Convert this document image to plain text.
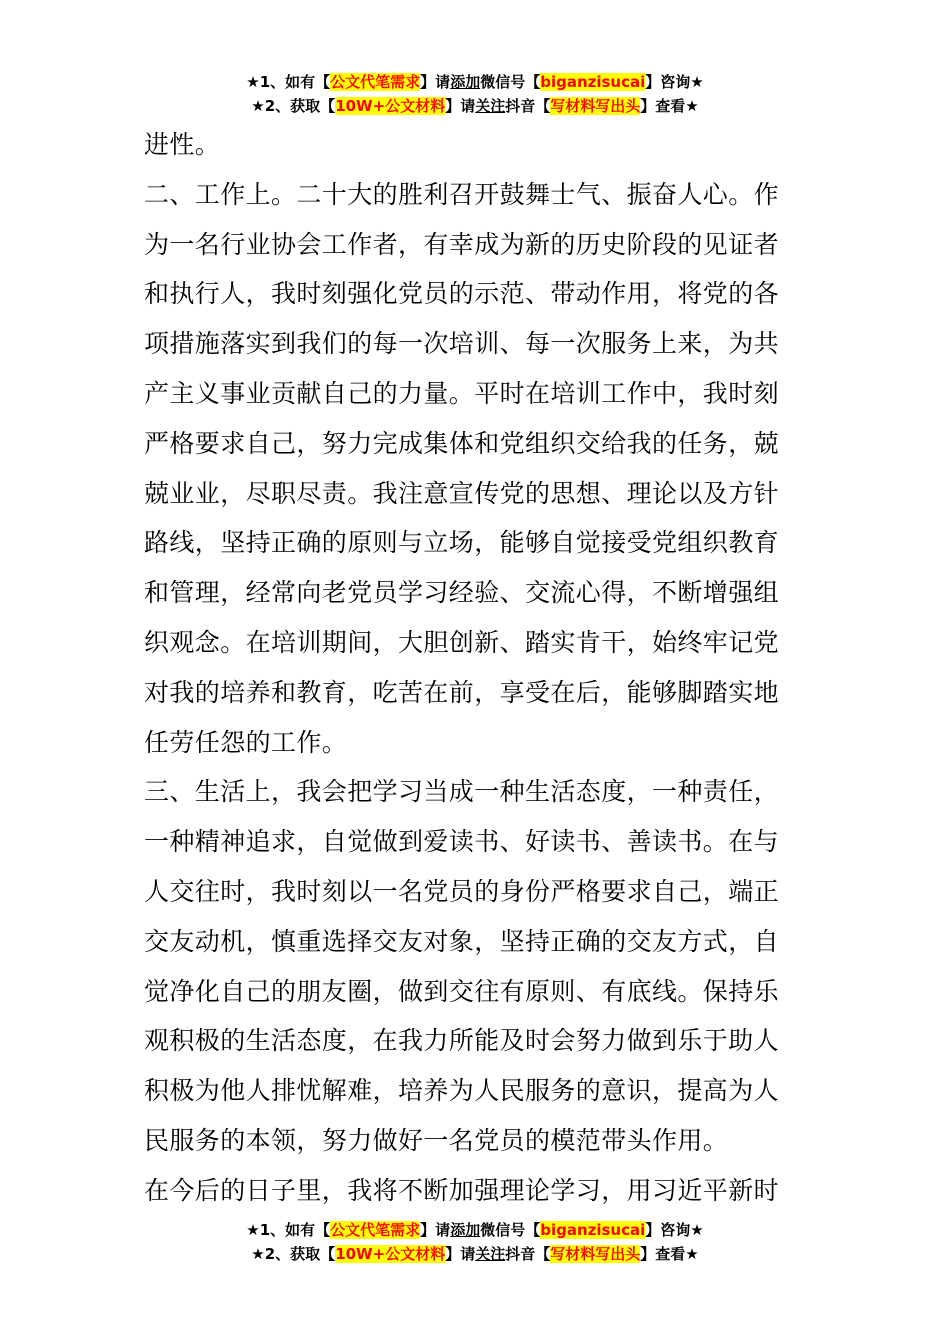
★1、如有【公文代笔需求】请添加微信号【biganzisucai】咨询★
★2、获取【10W+公文材料】请关注抖音【写材料写出头】查看★

进性。

二、工作上。二十大的胜利召开鼓舞士气、振奋人心。作

为一名行业协会工作者，有幸成为新的历史阶段的见证者

和执行人，我时刻强化党员的示范、带动作用，将党的各

项措施落实到我们的每一次培训、每一次服务上来，为共

产主义事业贡献自己的力量。平时在培训工作中，我时刻

严格要求自己，努力完成集体和党组织交给我的任务，兢

兢业业，尽职尽责。我注意宣传党的思想、理论以及方针

路线，坚持正确的原则与立场，能够自觉接受党组织教育

和管理，经常向老党员学习经验、交流心得，不断增强组

织观念。在培训期间，大胆创新、踏实肯干，始终牢记党

对我的培养和教育，吃苦在前，享受在后，能够脚踏实地

任劳任怨的工作。

三、生活上，我会把学习当成一种生活态度，一种责任，

一种精神追求，自觉做到爱读书、好读书、善读书。在与

人交往时，我时刻以一名党员的身份严格要求自己，端正

交友动机，慎重选择交友对象，坚持正确的交友方式，自

觉净化自己的朋友圈，做到交往有原则、有底线。保持乐

观积极的生活态度，在我力所能及时会努力做到乐于助人

积极为他人排忧解难，培养为人民服务的意识，提高为人

民服务的本领，努力做好一名党员的模范带头作用。

在今后的日子里，我将不断加强理论学习，用习近平新时

★1、如有【公文代笔需求】请添加微信号【biganzisucai】咨询★
★2、获取【10W+公文材料】请关注抖音【写材料写出头】查看★
